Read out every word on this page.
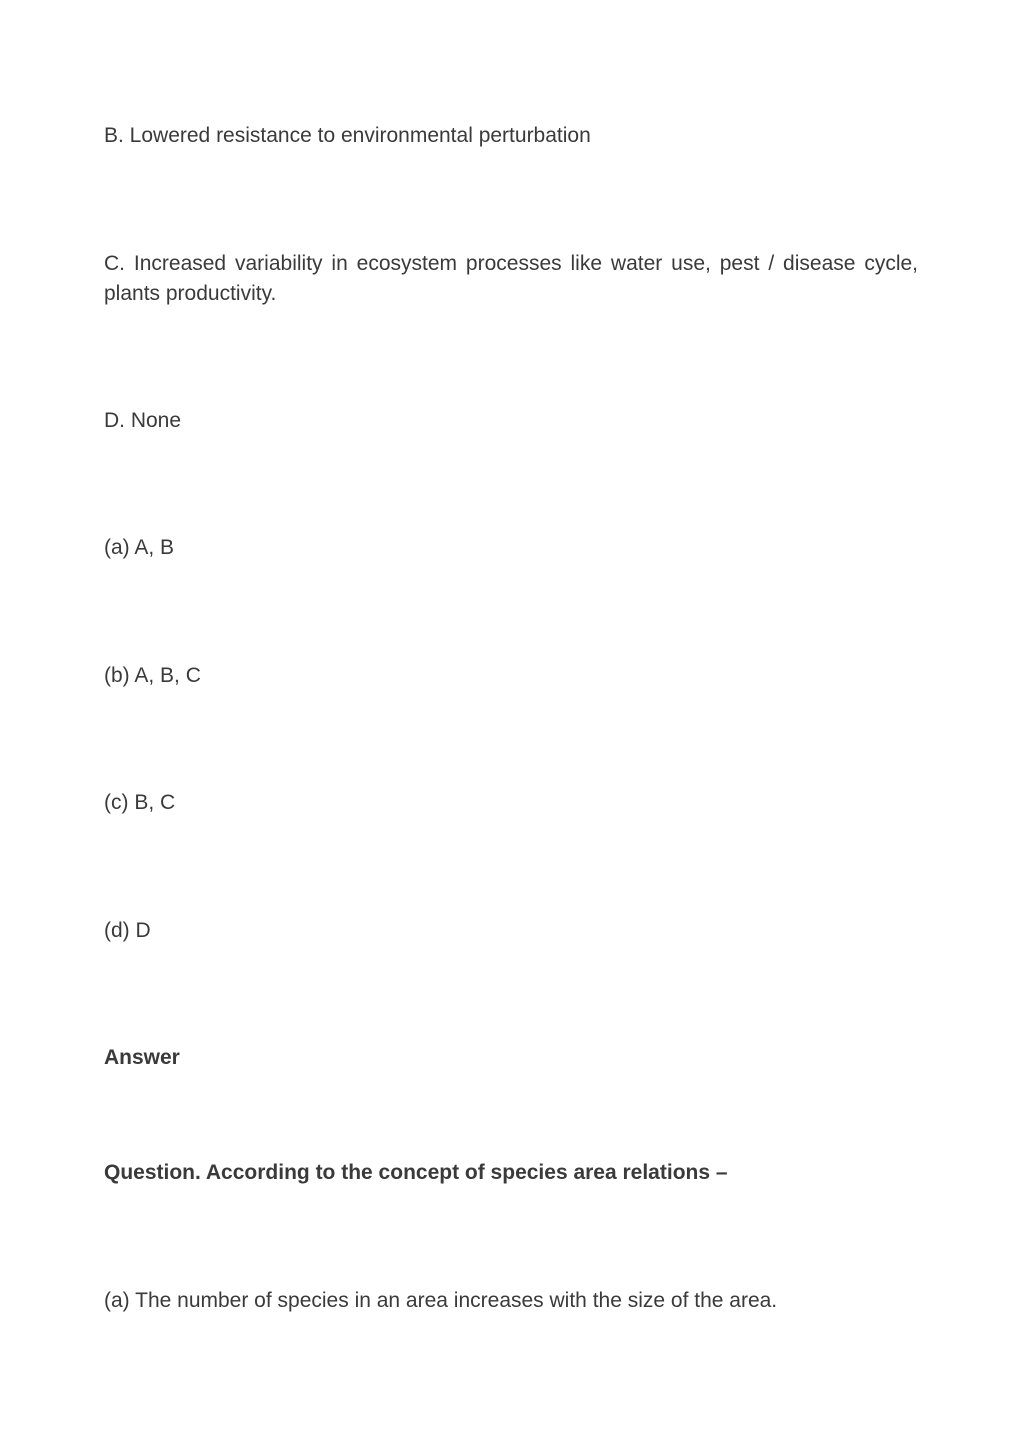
B. Lowered resistance to environmental perturbation

C. Increased variability in ecosystem processes like water use, pest / disease cycle, plants productivity.

D. None

(a) A, B

(b) A, B, C

(c) B, C

(d) D

Answer

Question. According to the concept of species area relations –

(a) The number of species in an area increases with the size of the area.
